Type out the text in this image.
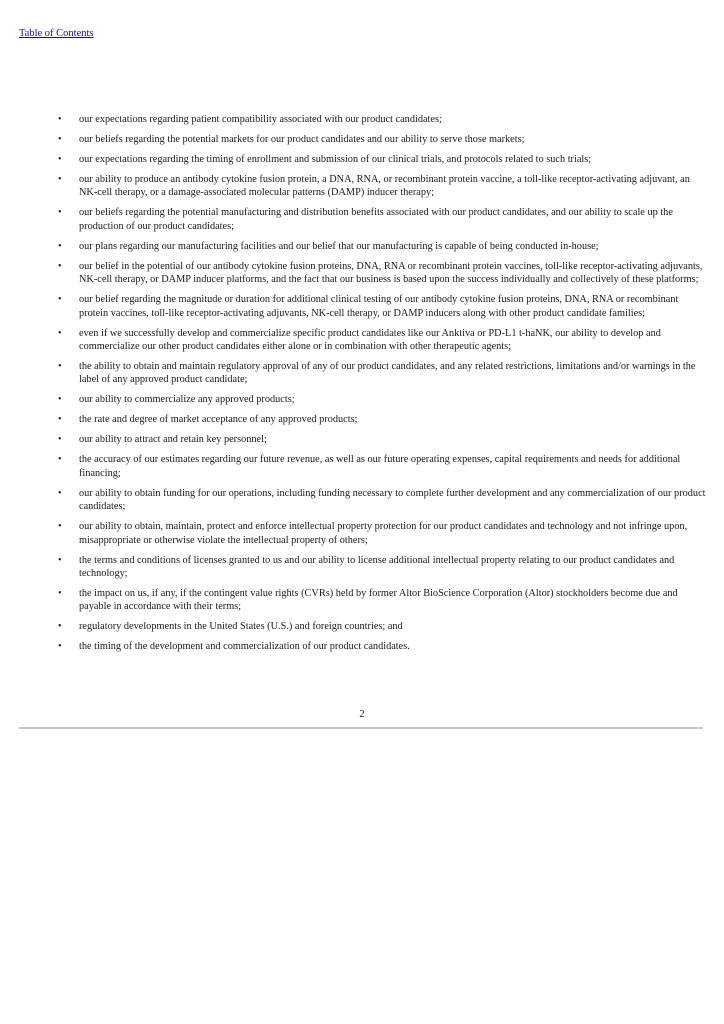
Table of Contents
• our expectations regarding patient compatibility associated with our product candidates;
• our beliefs regarding the potential markets for our product candidates and our ability to serve those markets;
• our expectations regarding the timing of enrollment and submission of our clinical trials, and protocols related to such trials;
• our ability to produce an antibody cytokine fusion protein, a DNA, RNA, or recombinant protein vaccine, a toll-like receptor-activating adjuvant, an NK-cell therapy, or a damage-associated molecular patterns (DAMP) inducer therapy;
• our beliefs regarding the potential manufacturing and distribution benefits associated with our product candidates, and our ability to scale up the production of our product candidates;
• our plans regarding our manufacturing facilities and our belief that our manufacturing is capable of being conducted in-house;
• our belief in the potential of our antibody cytokine fusion proteins, DNA, RNA or recombinant protein vaccines, toll-like receptor-activating adjuvants, NK-cell therapy, or DAMP inducer platforms, and the fact that our business is based upon the success individually and collectively of these platforms;
• our belief regarding the magnitude or duration for additional clinical testing of our antibody cytokine fusion proteins, DNA, RNA or recombinant protein vaccines, toll-like receptor-activating adjuvants, NK-cell therapy, or DAMP inducers along with other product candidate families;
• even if we successfully develop and commercialize specific product candidates like our Anktiva or PD-L1 t-haNK, our ability to develop and commercialize our other product candidates either alone or in combination with other therapeutic agents;
• the ability to obtain and maintain regulatory approval of any of our product candidates, and any related restrictions, limitations and/or warnings in the label of any approved product candidate;
• our ability to commercialize any approved products;
• the rate and degree of market acceptance of any approved products;
• our ability to attract and retain key personnel;
• the accuracy of our estimates regarding our future revenue, as well as our future operating expenses, capital requirements and needs for additional financing;
• our ability to obtain funding for our operations, including funding necessary to complete further development and any commercialization of our product candidates;
• our ability to obtain, maintain, protect and enforce intellectual property protection for our product candidates and technology and not infringe upon, misappropriate or otherwise violate the intellectual property of others;
• the terms and conditions of licenses granted to us and our ability to license additional intellectual property relating to our product candidates and technology;
• the impact on us, if any, if the contingent value rights (CVRs) held by former Altor BioScience Corporation (Altor) stockholders become due and payable in accordance with their terms;
• regulatory developments in the United States (U.S.) and foreign countries; and
• the timing of the development and commercialization of our product candidates.
2
